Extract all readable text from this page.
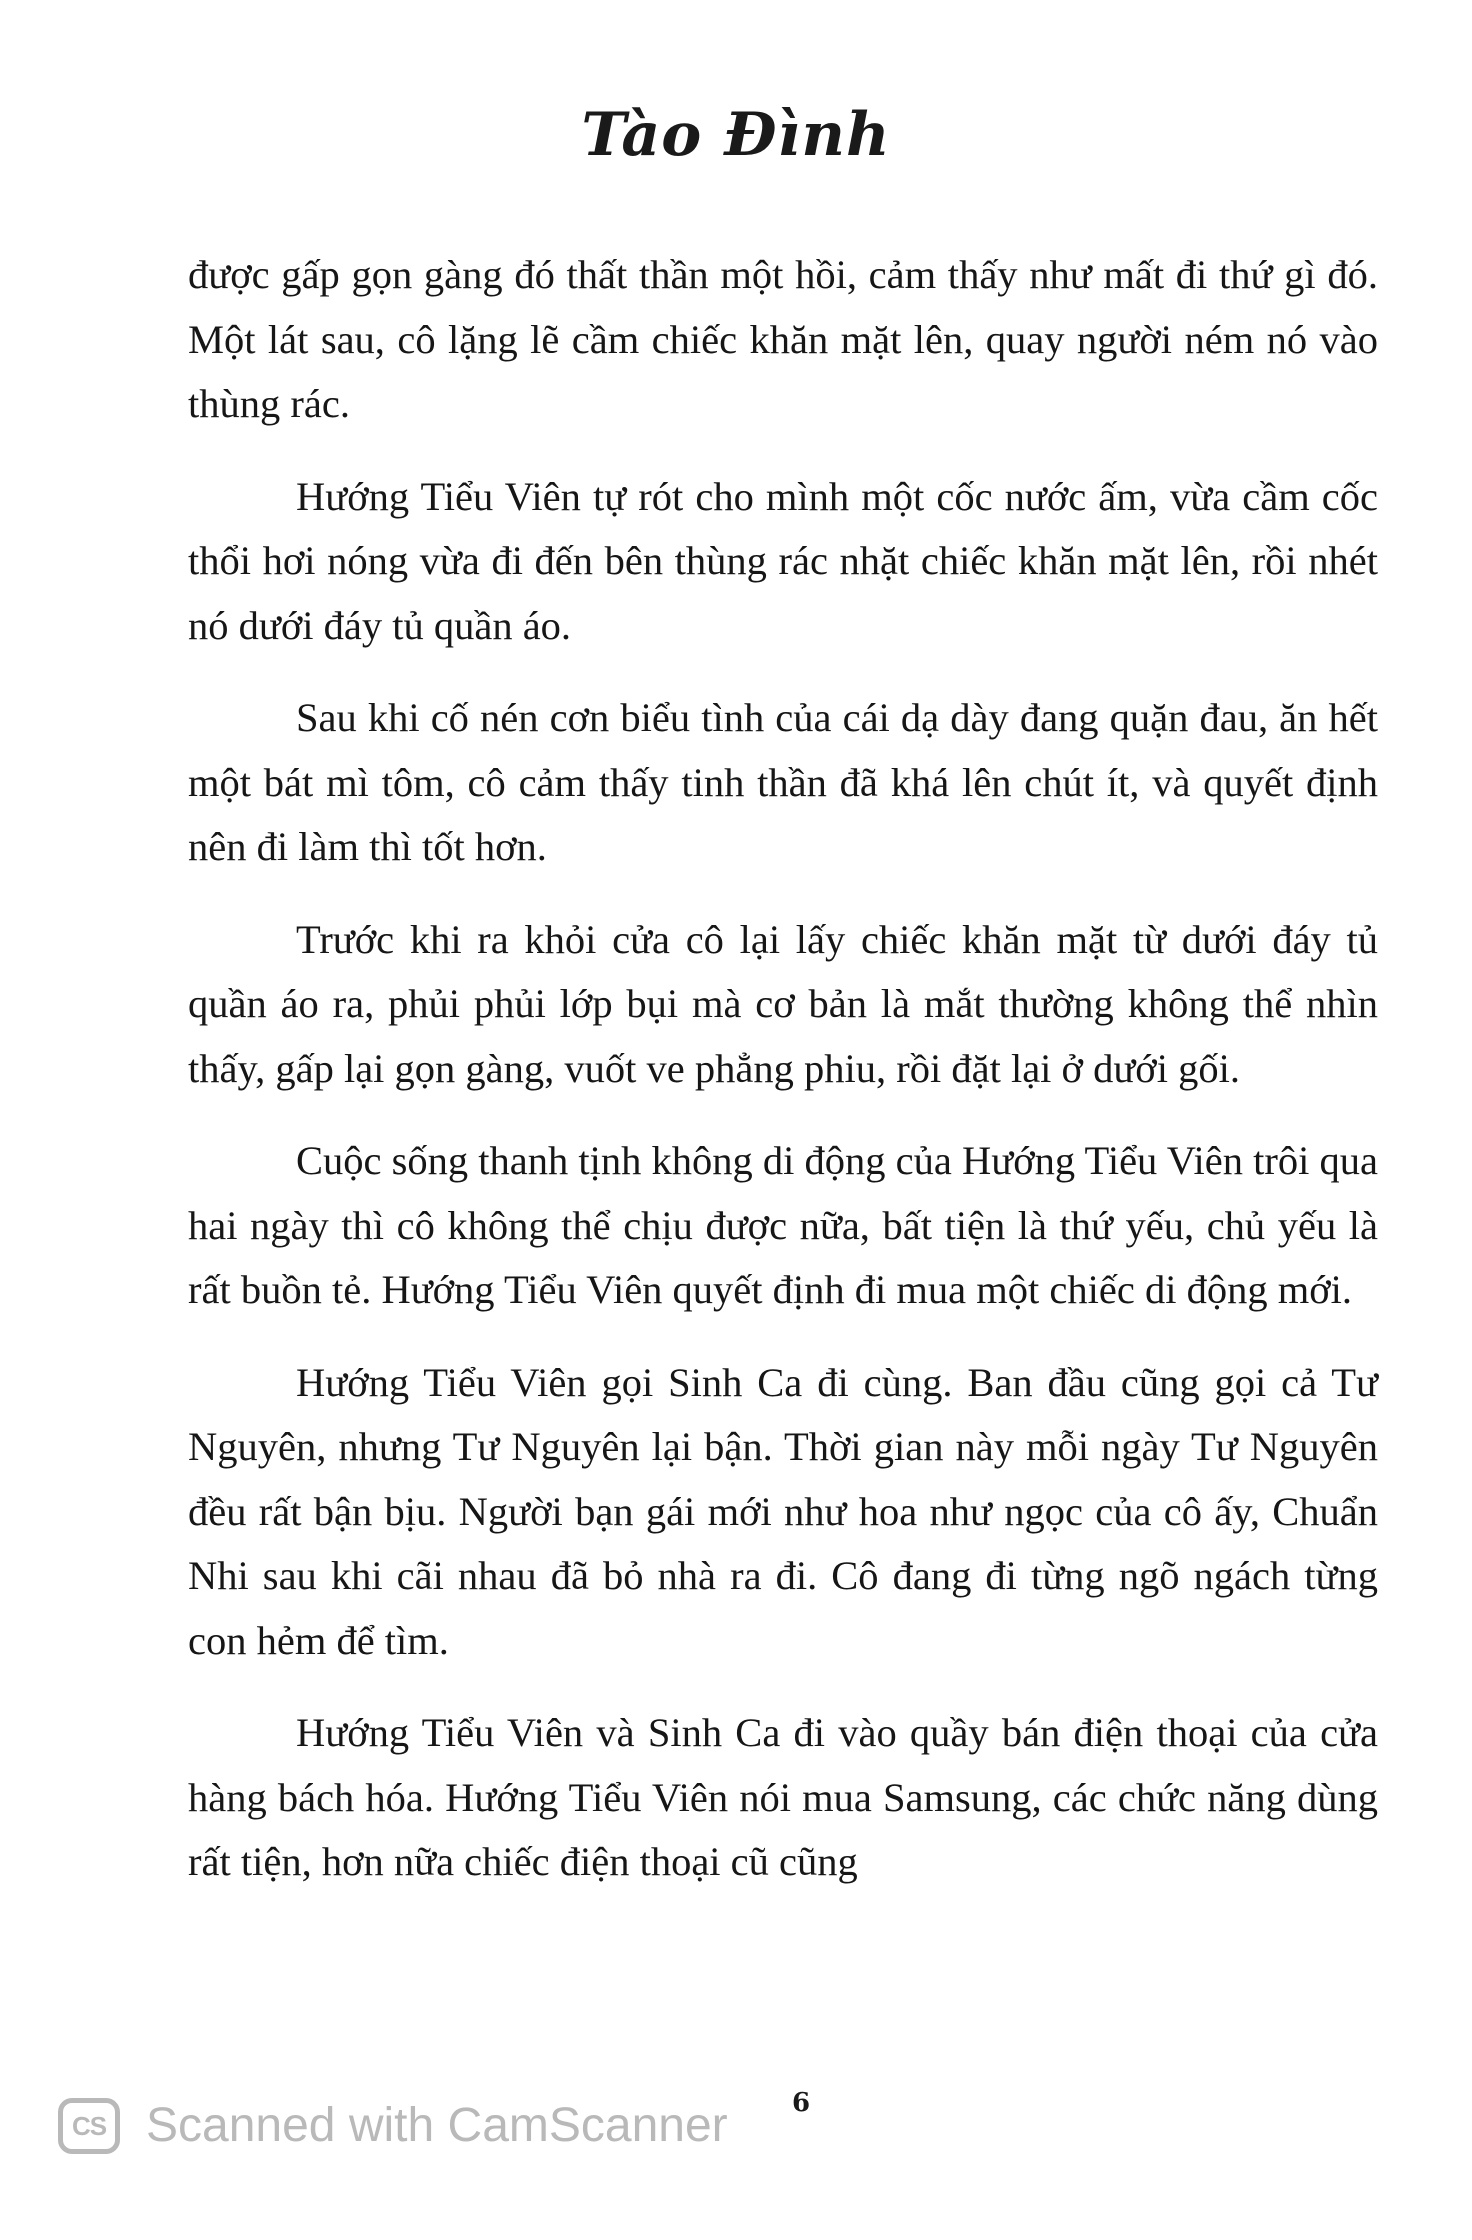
Tào Đình

được gấp gọn gàng đó thất thần một hồi, cảm thấy như mất đi thứ gì đó. Một lát sau, cô lặng lẽ cầm chiếc khăn mặt lên, quay người ném nó vào thùng rác.

Hướng Tiểu Viên tự rót cho mình một cốc nước ấm, vừa cầm cốc thổi hơi nóng vừa đi đến bên thùng rác nhặt chiếc khăn mặt lên, rồi nhét nó dưới đáy tủ quần áo.

Sau khi cố nén cơn biểu tình của cái dạ dày đang quặn đau, ăn hết một bát mì tôm, cô cảm thấy tinh thần đã khá lên chút ít, và quyết định nên đi làm thì tốt hơn.

Trước khi ra khỏi cửa cô lại lấy chiếc khăn mặt từ dưới đáy tủ quần áo ra, phủi phủi lớp bụi mà cơ bản là mắt thường không thể nhìn thấy, gấp lại gọn gàng, vuốt ve phẳng phiu, rồi đặt lại ở dưới gối.

Cuộc sống thanh tịnh không di động của Hướng Tiểu Viên trôi qua hai ngày thì cô không thể chịu được nữa, bất tiện là thứ yếu, chủ yếu là rất buồn tẻ. Hướng Tiểu Viên quyết định đi mua một chiếc di động mới.

Hướng Tiểu Viên gọi Sinh Ca đi cùng. Ban đầu cũng gọi cả Tư Nguyên, nhưng Tư Nguyên lại bận. Thời gian này mỗi ngày Tư Nguyên đều rất bận bịu. Người bạn gái mới như hoa như ngọc của cô ấy, Chuẩn Nhi sau khi cãi nhau đã bỏ nhà ra đi. Cô đang đi từng ngõ ngách từng con hẻm để tìm.

Hướng Tiểu Viên và Sinh Ca đi vào quầy bán điện thoại của cửa hàng bách hóa. Hướng Tiểu Viên nói mua Samsung, các chức năng dùng rất tiện, hơn nữa chiếc điện thoại cũ cũng

CS Scanned with CamScanner 6
